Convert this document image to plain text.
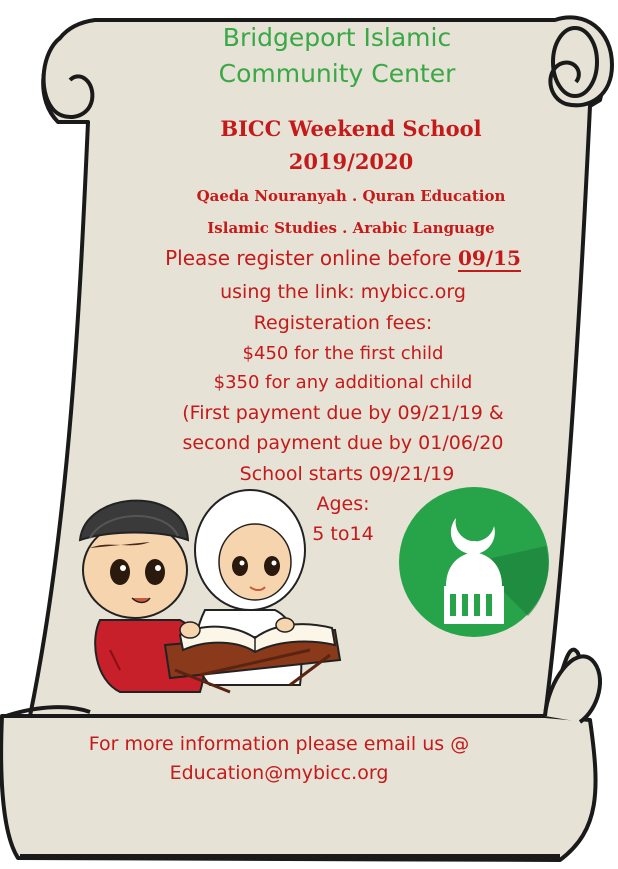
Bridgeport Islamic
Community Center
BICC Weekend School
2019/2020
Qaeda Nouranyah . Quran Education
Islamic Studies . Arabic Language
Please register online before 09/15
using the link: mybicc.org
Registeration fees:
$450 for the first child
$350 for any additional child
(First payment due by 09/21/19 &
second payment due by 01/06/20
School starts 09/21/19
Ages:
5 to14
For more information please email us @
Education@mybicc.org
